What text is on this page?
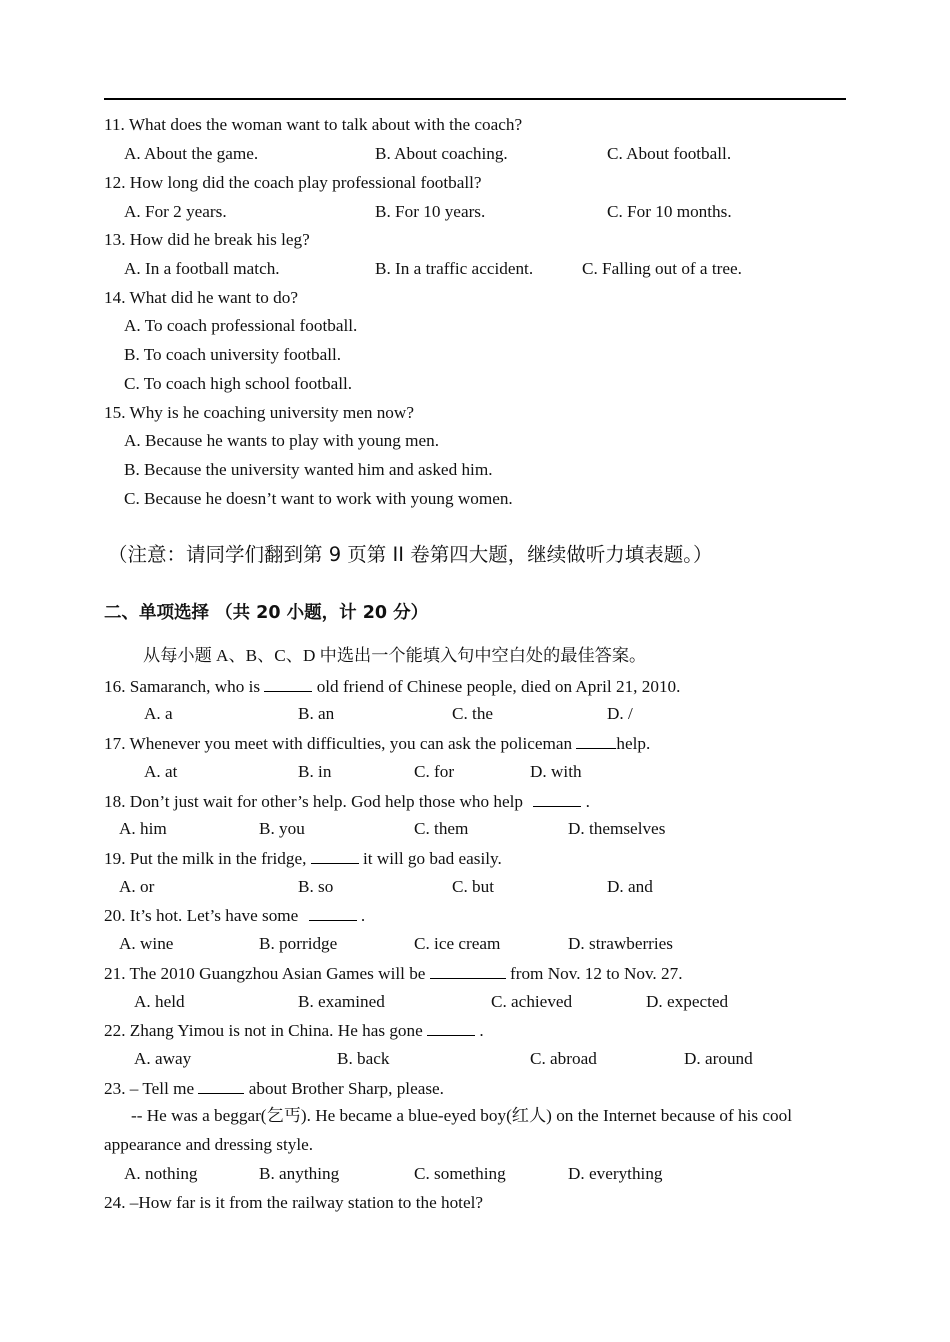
11. What does the woman want to talk about with the coach?
A. About the game.	B. About coaching.	C. About football.
12. How long did the coach play professional football?
A. For 2 years.	B. For 10 years.	C. For 10 months.
13. How did he break his leg?
A. In a football match.	B. In a traffic accident.	C. Falling out of a tree.
14. What did he want to do?
A. To coach professional football.
B. To coach university football.
C. To coach high school football.
15. Why is he coaching university men now?
A. Because he wants to play with young men.
B. Because the university wanted him and asked him.
C. Because he doesn’t want to work with young women.
（注意：请同学们翻到第 9 页第 II 卷第四大题，继续做听力填表题。）
二、单项选择 （共 20 小题，计 20 分）
从每小题 A、B、C、D 中选出一个能填入句中空白处的最佳答案。
16. Samaranch, who is	old friend of Chinese people, died on April 21, 2010.
A. a	B. an	C. the	D. /
17. Whenever you meet with difficulties, you can ask the policeman help.
A. at	B. in	C. for	D. with
18. Don’t just wait for other’s help. God help those who help	.
A. him	B. you	C. them	D. themselves
19. Put the milk in the fridge,	it will go bad easily.
A. or	B. so	C. but	D. and
20. It’s hot. Let’s have some	.
A. wine	B. porridge	C. ice cream	D. strawberries
21. The 2010 Guangzhou Asian Games will be	from Nov. 12 to Nov. 27.
A. held	B. examined	C. achieved	D. expected
22. Zhang Yimou is not in China. He has gone	.
A. away	B. back	C. abroad	D. around
23. – Tell me	about Brother Sharp, please.
-- He was a beggar(乞丐). He became a blue-eyed boy(红人) on the Internet because of his cool appearance and dressing style.
A. nothing	B. anything	C. something	D. everything
24. –How far is it from the railway station to the hotel?
